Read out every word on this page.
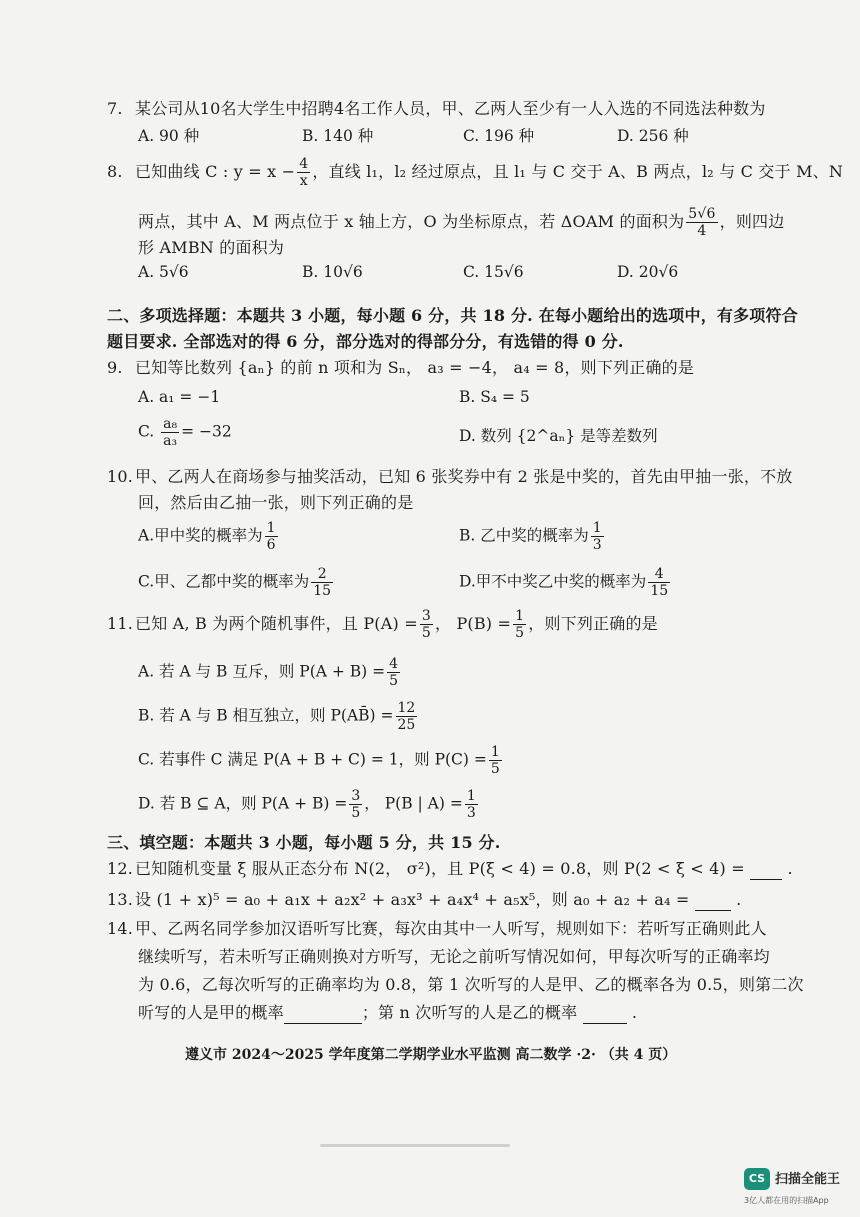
7. 某公司从10名大学生中招聘4名工作人员，甲、乙两人至少有一人入选的不同选法种数为
A. 90 种	B. 140 种	C. 196 种	D. 256 种
8. 已知曲线 C : $y = x - \frac{4}{x}$ ，直线 l₁，l₂ 经过原点，且 l₁ 与 C 交于 A、B 两点，l₂ 与 C 交于 M、N
两点，其中 A、M 两点位于 x 轴上方，O 为坐标原点，若 ΔOAM 的面积为 $\frac{5√6}{4}$ ，则四边
形 AMBN 的面积为
A. 5√6	B. 10√6	C. 15√6	D. 20√6
二、多项选择题：本题共 3 小题，每小题 6 分，共 18 分. 在每小题给出的选项中，有多项符合
题目要求. 全部选对的得 6 分，部分选对的得部分分，有选错的得 0 分.
9. 已知等比数列 {aₙ} 的前 n 项和为 Sₙ， a₃ = −4， a₄ = 8，则下列正确的是
A. a₁ = −1	B. S₄ = 5
C. $\frac{\text{a₈}}{\text{a₃}} = -32$	D. 数列 {2^aₙ} 是等差数列
10. 甲、乙两人在商场参与抽奖活动，已知 6 张奖券中有 2 张是中奖的，首先由甲抽一张，不放
回，然后由乙抽一张，则下列正确的是
A.甲中奖的概率为 $\frac{1}{6}$	B. 乙中奖的概率为 $\frac{1}{3}$
C.甲、乙都中奖的概率为 $\frac{2}{15}$	D.甲不中奖乙中奖的概率为 $\frac{4}{15}$
11. 已知 A, B 为两个随机事件，且 $P(A) = \frac{3}{5}$ ， $P(B) = \frac{1}{5}$ ，则下列正确的是
A. 若 A 与 B 互斥，则 $P(A + B) = \frac{4}{5}$
B. 若 A 与 B 相互独立，则 P(AB̄) = $\frac{12}{25}$
C. 若事件 C 满足 P(A + B + C) = 1，则 $P(C) = \frac{1}{5}$
D. 若 B ⊆ A，则 $P(A + B) = \frac{3}{5}$ ， P(B | $A) = \frac{1}{3}$
三、填空题：本题共 3 小题，每小题 5 分，共 15 分.
12. 已知随机变量 ξ 服从正态分布 N(2， σ²)，且 P(ξ < 4) = 0.8，则 P(2 < ξ < 4) =	.
13. 设 (1 + x)⁵ = a₀ + a₁x + a₂x² + a₃x³ + a₄x⁴ + a₅x⁵，则 a₀ + a₂ + a₄ =	.
14. 甲、乙两名同学参加汉语听写比赛，每次由其中一人听写，规则如下：若听写正确则此人
继续听写，若未听写正确则换对方听写，无论之前听写情况如何，甲每次听写的正确率均
为 0.6，乙每次听写的正确率均为 0.8，第 1 次听写的人是甲、乙的概率各为 0.5，则第二次
听写的人是甲的概率	；第 n 次听写的人是乙的概率	.
遵义市 2024～2025 学年度第二学期学业水平监测 高二数学 ·2· （共 4 页）
CS 扫描全能王
3亿人都在用的扫描App
